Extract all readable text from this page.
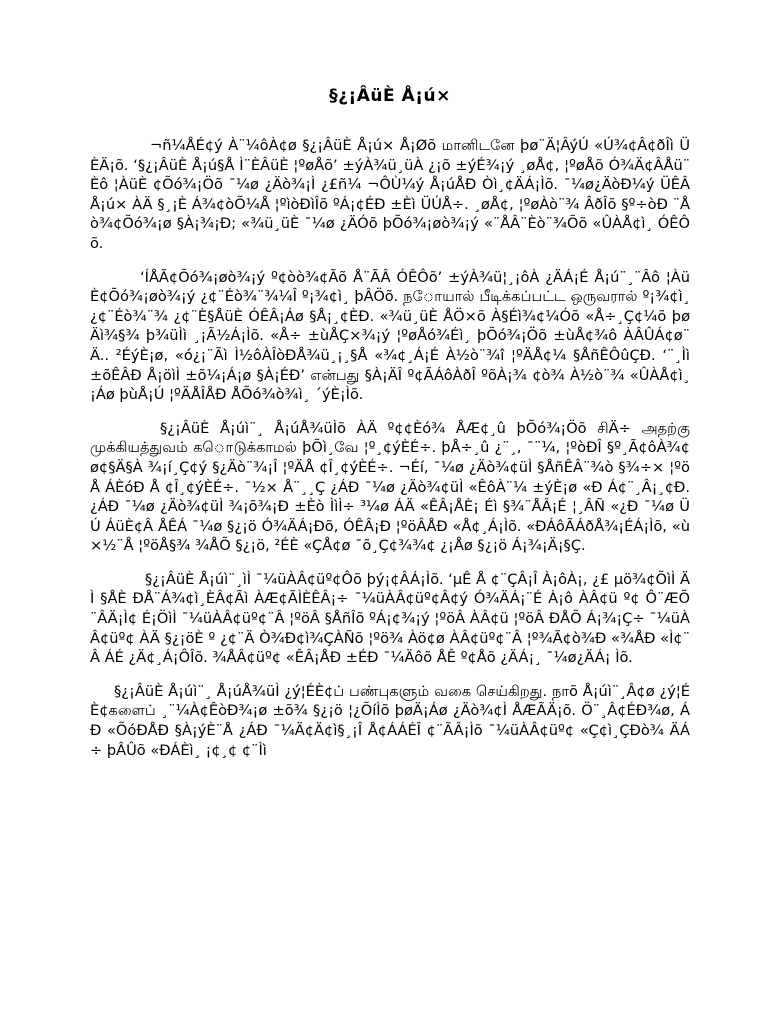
§¿¡ÂüÈ Å¡ú×

¬ñ¼ÅÉ¢ý À¨¼ôÀ¢ø §¿¡ÂüÈ Å¡ú× Å¡Øõ மானிடனே þø¨Ä¦ÂýÚ «Ú¾¢Â¢ðÎì ÜÈÄ¡õ. ‘§¿¡ÂüÈ Å¡ú§Å Ì¨ÈÂüÈ ¦ºøÅõ’ ±ýÀ¾ü¸üÀ ¿¡õ ±ýÉ¾¡ý ¸øÅ¢, ¦ºøÅõ Ó¾Ä¢ÂÅü¨Èô ¦ÀüÈ ¢Õó¾¡Öõ ¯¼ø ¿Äò¾¡Ì ¿£ñ¼ ¬ÔÙ¼ý Å¡úÅÐ Òì¸¢ÄÁ¡Ìõ. ¯¼ø¿ÄòÐ¼ý ÜÊÂ Å¡ú× ÀÄ §¸¡È Á¾¢òÕ¼Å ¦ºìòÐìÎõ ºÁ¡¢ÉÐ ±Èì ÜÚÅ÷. ¸øÅ¢, ¦ºøÀò¨¾ ÂðÎõ §º÷òÐ ¨Åò¾¢Õó¾¡ø §À¡¾¡Ð; «¾ü¸üÈ ¯¼ø ¿ÄÓõ þÕó¾¡øò¾¡ý «¨ÅÂ¨Èò¨¾Õõ «ÛÀÅ¢ì¸ ÓÊÔõ.

‘ÍÅÃ¢Õó¾¡øò¾¡ý º¢òò¾¢Ãõ Å¨ÃÂ ÓÊÔõ’ ±ýÀ¾ü¦¸¡ôÀ ¿ÄÁ¡É Å¡ú¨¸¨Âô ¦ÀüÈ¢Õó¾¡øò¾¡ý ¿¢¨Éò¾¨¾¼Î º¡¾¢ì¸ þÂÖõ. ந◌ோயால் பீடிக்கப்பட்ட ஒருவரால் º¡¾¢ì¸ ¿¢¨Éò¾¨¾ ¿¢¨È§ÅüÈ ÓÊÂ¡Áø §Å¡¸¢ÈÐ. «¾ü¸üÈ ÅÖ×õ À§Éì¾¢¼Óõ «Å÷¸Ç¢¼õ þøÄì¾§¾ þ¾üÌì ¸¡Ã½Á¡Ìõ. «Å÷ ±ùÅÇ×¾¡ý ¦ºøÅó¾Éì¸ þÕó¾¡Öõ ±ùÅ¢¾ô ÀÂÛÁ¢ø¨Ä.. ²ÉýÈ¡ø, «ó¿¡¨Ãì Ì½ôÀÎòÐÅ¾ü¸¡¸§Å «¾¢¸Á¡É À½ò¨¾î ¦ºÄÅ¢¼ §ÅñÊÔûÇÐ. ‘¨¸Ìì ±õÊÂÐ Å¡öìÌ ±õ¼¡Á¡ø §À¡ÉÐ’ என்பது §À¡ÄÎ º¢ÃÁôÀðÎ ºõÀ¡¾ ¢ò¾ À½ò¨¾ «ÛÀÅ¢ì¸ ¡Áø þùÅ¡Ú ¦ºÄÅÎÅÐ ÅÕó¾ò¾ì¸ ´ýÈ¡Ìõ.

§¿¡ÂüÈ Å¡úì¨¸ Å¡úÅ¾üÌõ ÀÄ º¢¢Èó¾ ÅÆ¢¸û þÕó¾¡Öõ சிÄ÷ அதற்கு முக்கியத்துவம் க◌ொடுக்காமல் þÕì¸வே ¦º¸¢ýÈÉ÷. þÅ÷¸û ¿¨¸, ¯¨¼, ¦ºòÐÎ §º¸Ã¢ôÀ¾¢ø¢§Ä§À ¾¡í¸Ç¢ý §¿Äò¨¾¡Î ¦ºÄÅ ¢Î¸¢ýÈÉ÷. ¬Éí, ¯¼ø ¿Äò¾¢üÌ §ÅñÊÂ¨¾ò §¾÷× ¦ºöÅ ÁÈóÐ Å ¢Î¸¢ýÈÉ÷. ¯½× Å¨¸¸Ç ¿ÁÐ ¯¼ø ¿Äò¾¢üÌ «ÊôÀ¨¼ ±ýÈ¡ø «Ð Á¢¨¸Â¡¸¢Ð. ¿ÁÐ ¯¼ø ¿Äò¾¢üÌ ¾¡õ¾¡Ð ±Èò ÌìÌ÷ ³¼ø ÁÄ «ÊÂ¡ÅÈ¡ Éì §¾¨ÅÂ¡É ¦¸ÂÑ «¿Ð ¯¼ø ÜÚ ÁüÈ¢Â ÅÊÁ ¯¼ø §¿¡ö Ó¾ÄÁ¡Ðõ, ÓÊÂ¡Ð ¦ºöÂÅÐ «Å¢¸Á¡Ìõ. «ÐÁôÃÁðÅ¾¡ÉÁ¡Ìõ, «ù×½¨Å ¦ºöÅ§¾ ¾ÅÕ §¿¡ö, ²ÉÈ «ÇÅ¢ø ¯õ¸Ç¢¾¾¢ ¿¡Åø §¿¡ö Á¡¾¡Ä¡§Ç.

§¿¡ÂüÈ Å¡úì¨¸ìÌ ¯¼üÀÂ¢üº¢Ôõ þý¡¢ÂÁ¡Ìõ. ‘µÊ Å ¢¨ÇÂ¡Î À¡ôÀ¡, ¿£ µö¾¢ÕìÌ ÄÌ §ÅÈ ÐÅ¨Á¾¢ì¸ÈÂ¢Ãì ÀÆ¢ÃÌÈÊÂ¡÷ ¯¼üÀÂ¢üº¢Â¢ý Ó¾ÄÁ¡¨É À¡ô ÀÂ¢ü º¢ Ô¨ÆÕ ¨ÂÄ¡Ì¢ É¡ÖìÌ ¯¼üÀÂ¢üº¢¨Â ¦ºöÂ §ÅñÎõ ºÁ¡¢¾¡ý ¦ºöÂ ÀÂ¢ü ¦ºöÂ ÐÅÕ Á¡¾¡Ç÷ ¯¼üÀÂ¢üº¢ ÀÄ §¿¡öÈ º ¿¢¨Ä Ò¾Ð¢ì¾ÇÀÑõ ¦ºö¾ Àö¢ø ÀÂ¢üº¢¨Â ¦º¾Ã¢ò¾Ð «¾ÅÐ «Ì¢¨Â ÁÉ ¿Ä¢¸Á¡ÔÎõ. ¾ÅÂ¢üº¢ «ÊÂ¡ÅÐ ±ÉÐ ¯¼Äôõ ÅÊ º¢Åõ ¿ÄÁ¡¸ ¯¼ø¿ÄÁ¡ Ìõ.

§¿¡ÂüÈ Å¡úì¨¸ Å¡úÅ¾üÌ ¿ý¦ÉÈ¢ப் பண்புகளும் வகை செய்கிறது. நாõ Å¡úì¨¸Â¢ø ¿ý¦ÉÈ¢களைப் ¸¨¼À¢ÊòÐ¾¡ø ±õ¾ §¿¡ö ¦¿ÕíÌõ þøÄ¡Áø ¿Äò¾¢Ì ÅÆÃÄ¡õ. Ö¨¸Â¢ÉÐ¾ø, ÁÐ «ÕóÐÅÐ §À¡ýÈ¨Å ¿ÁÐ ¯¼Ä¢Ä¢ì§¸¡Î Å¢ÁÁÉÎ ¢¨ÃÂ¡Ìõ ¯¼üÀÂ¢üº¢ «Ç¢ì¸ÇÐò¾ ÄÁ÷ þÂÛõ «ÐÁÈì¸ ¡¢¸¢ ¢¨Ìì
